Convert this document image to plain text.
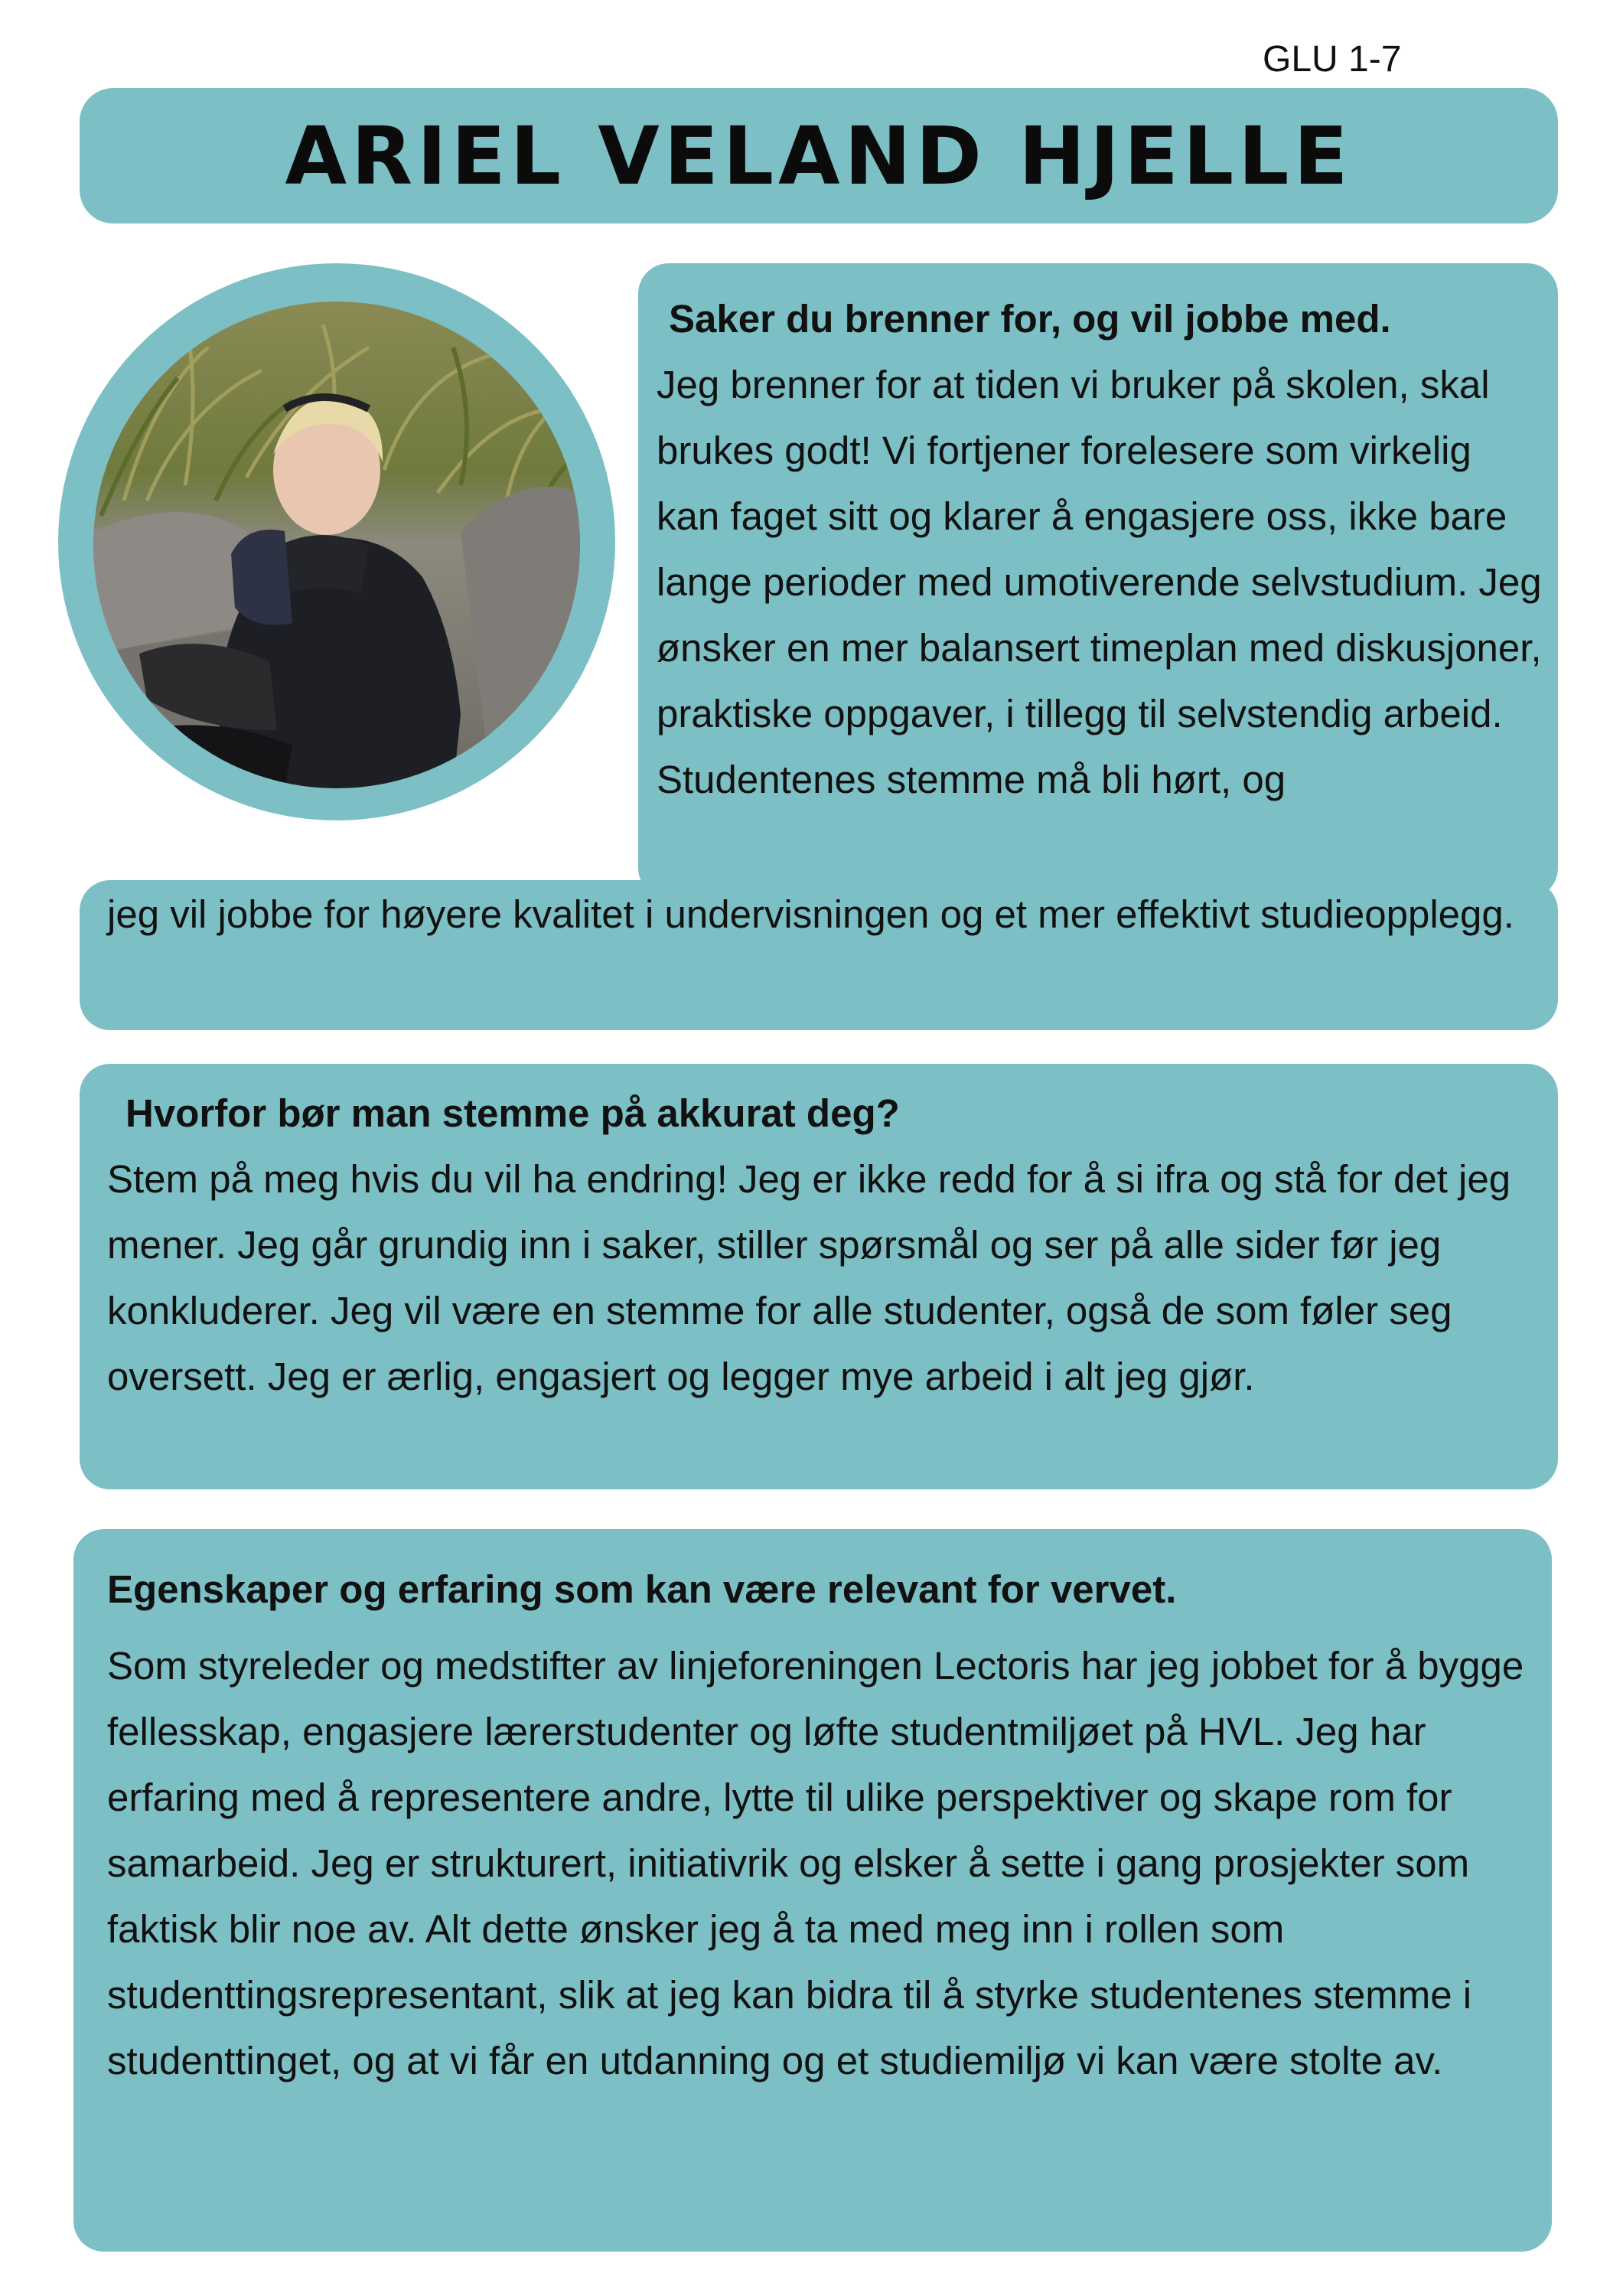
GLU 1-7
ARIEL VELAND HJELLE
Saker du brenner for, og vil jobbe med.
Jeg brenner for at tiden vi bruker på skolen, skal brukes godt! Vi fortjener forelesere som virkelig kan faget sitt og klarer å engasjere oss, ikke bare lange perioder med umotiverende selvstudium. Jeg ønsker en mer balansert timeplan med diskusjoner, praktiske oppgaver, i tillegg til selvstendig arbeid. Studentenes stemme må bli hørt, og
jeg vil jobbe for høyere kvalitet i undervisningen og et mer effektivt studieopplegg.
Hvorfor bør man stemme på akkurat deg?
Stem på meg hvis du vil ha endring! Jeg er ikke redd for å si ifra og stå for det jeg mener. Jeg går grundig inn i saker, stiller spørsmål og ser på alle sider før jeg konkluderer. Jeg vil være en stemme for alle studenter, også de som føler seg oversett. Jeg er ærlig, engasjert og legger mye arbeid i alt jeg gjør.
Egenskaper og erfaring som kan være relevant for vervet.
Som styreleder og medstifter av linjeforeningen Lectoris har jeg jobbet for å bygge fellesskap, engasjere lærerstudenter og løfte studentmiljøet på HVL. Jeg har erfaring med å representere andre, lytte til ulike perspektiver og skape rom for samarbeid. Jeg er strukturert, initiativrik og elsker å sette i gang prosjekter som faktisk blir noe av. Alt dette ønsker jeg å ta med meg inn i rollen som studenttingsrepresentant, slik at jeg kan bidra til å styrke studentenes stemme i studenttinget, og at vi får en utdanning og et studiemiljø vi kan være stolte av.
